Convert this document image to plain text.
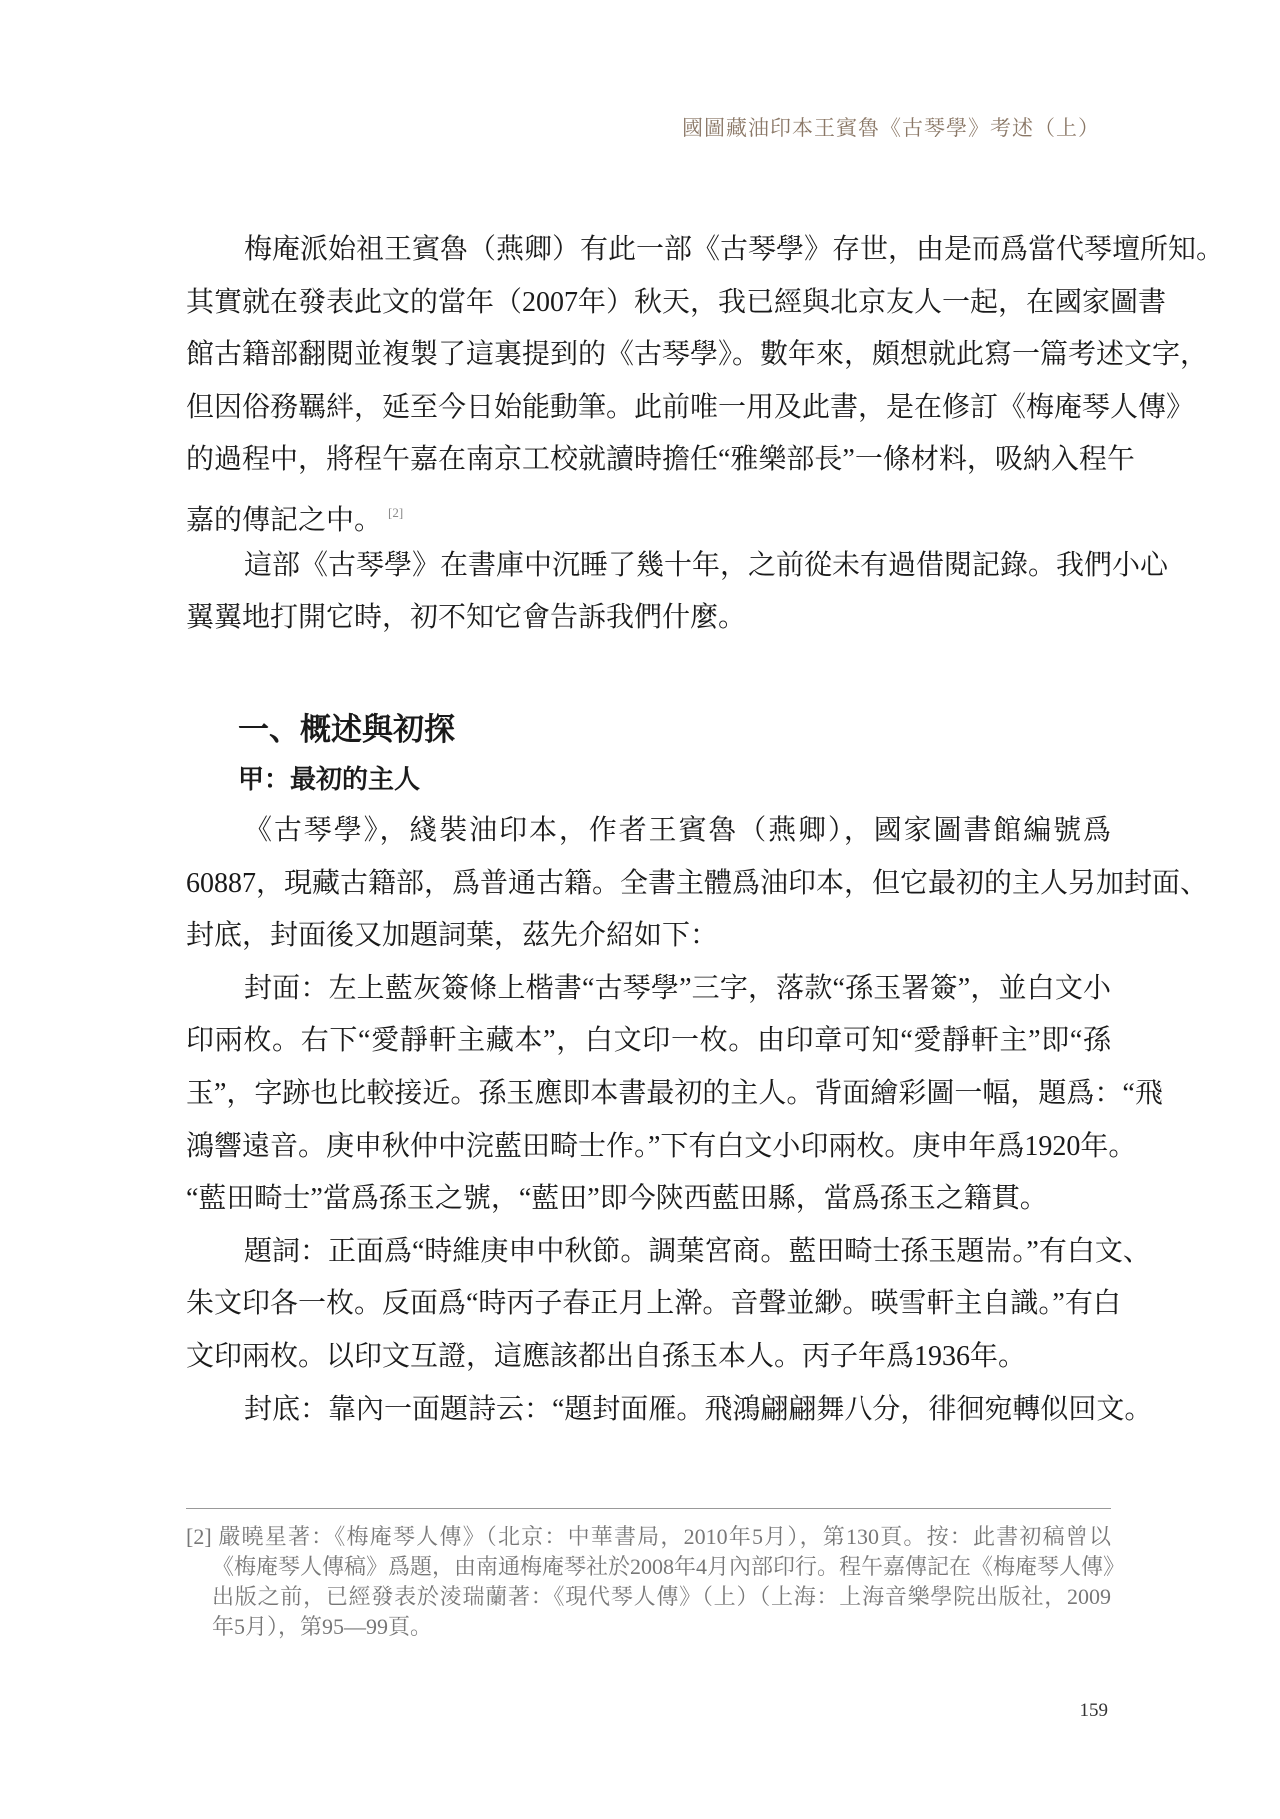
國圖藏油印本王賓魯《古琴學》考述（上）
梅庵派始祖王賓魯（燕卿）有此一部《古琴學》存世，由是而爲當代琴壇所知。
其實就在發表此文的當年（2007年）秋天，我已經與北京友人一起，在國家圖書
館古籍部翻閱並複製了這裏提到的《古琴學》。數年來，頗想就此寫一篇考述文字，
但因俗務羈絆，延至今日始能動筆。此前唯一用及此書，是在修訂《梅庵琴人傳》
的過程中，將程午嘉在南京工校就讀時擔任“雅樂部長”一條材料，吸納入程午
嘉的傳記之中。 [2]
這部《古琴學》在書庫中沉睡了幾十年，之前從未有過借閱記錄。我們小心
翼翼地打開它時，初不知它會告訴我們什麼。
一、概述與初探
甲：最初的主人
《古琴學》，綫裝油印本，作者王賓魯（燕卿），國家圖書館編號爲
60887，現藏古籍部，爲普通古籍。全書主體爲油印本，但它最初的主人另加封面、
封底，封面後又加題詞葉，茲先介紹如下：
封面：左上藍灰簽條上楷書“古琴學”三字，落款“孫玉署簽”，並白文小
印兩枚。右下“愛靜軒主藏本”，白文印一枚。由印章可知“愛靜軒主”即“孫
玉”，字跡也比較接近。孫玉應即本書最初的主人。背面繪彩圖一幅，題爲：“飛
鴻響遠音。庚申秋仲中浣藍田畸士作。”下有白文小印兩枚。庚申年爲1920年。
“藍田畸士”當爲孫玉之號，“藍田”即今陝西藍田縣，當爲孫玉之籍貫。
題詞：正面爲“時維庚申中秋節。調葉宮商。藍田畸士孫玉題耑。”有白文、
朱文印各一枚。反面爲“時丙子春正月上澣。音聲並緲。暎雪軒主自識。”有白
文印兩枚。以印文互證，這應該都出自孫玉本人。丙子年爲1936年。
封底：靠內一面題詩云：“題封面雁。飛鴻翩翩舞八分，徘徊宛轉似回文。
[2] 嚴曉星著：《梅庵琴人傳》（北京：中華書局，2010年5月），第130頁。按：此書初稿曾以
《梅庵琴人傳稿》爲題，由南通梅庵琴社於2008年4月內部印行。程午嘉傳記在《梅庵琴人傳》
出版之前，已經發表於淩瑞蘭著：《現代琴人傳》（上）（上海：上海音樂學院出版社，2009
年5月），第95—99頁。
159
